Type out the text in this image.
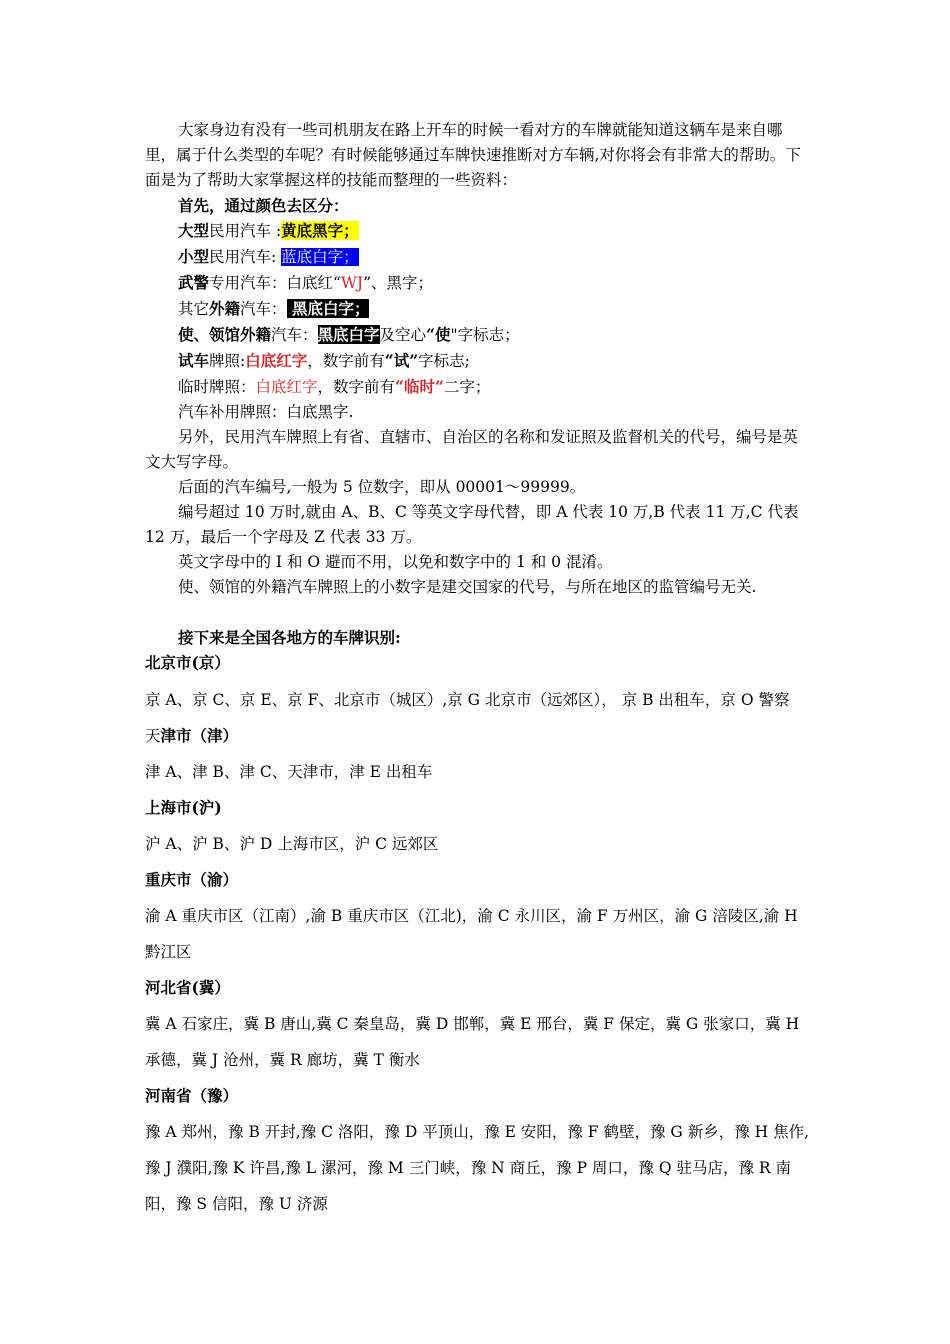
大家身边有没有一些司机朋友在路上开车的时候一看对方的车牌就能知道这辆车是来自哪里，属于什么类型的车呢？有时候能够通过车牌快速推断对方车辆,对你将会有非常大的帮助。下面是为了帮助大家掌握这样的技能而整理的一些资料：

首先，通过颜色去区分：

大型民用汽车 :黄底黑字；

小型民用汽车: 蓝底白字；

武警专用汽车：白底红“WJ”、黑字；

其它外籍汽车： 黑底白字；

使、领馆外籍汽车：黑底白字及空心“使"字标志；

试车牌照:白底红字，数字前有“试”字标志;

临时牌照：白底红字，数字前有“临时”二字；

汽车补用牌照：白底黑字.

另外，民用汽车牌照上有省、直辖市、自治区的名称和发证照及监督机关的代号，编号是英文大写字母。

后面的汽车编号,一般为 5 位数字，即从 00001～99999。

编号超过 10 万时,就由 A、B、C 等英文字母代替，即 A 代表 10 万,B 代表 11 万,C 代表 12 万，最后一个字母及 Z 代表 33 万。

英文字母中的 I 和 O 避而不用，以免和数字中的 1 和 0 混淆。

使、领馆的外籍汽车牌照上的小数字是建交国家的代号，与所在地区的监管编号无关.

接下来是全国各地方的车牌识别:

北京市(京）

京 A、京 C、京 E、京 F、北京市（城区）,京 G 北京市（远郊区）， 京 B 出租车，京 O 警察

天津市（津）

津 A、津 B、津 C、天津市，津 E 出租车

上海市(沪)

沪 A、沪 B、沪 D 上海市区，沪 C 远郊区

重庆市（渝）

渝 A 重庆市区（江南）,渝 B 重庆市区（江北)，渝 C 永川区，渝 F 万州区，渝 G 涪陵区,渝 H 黔江区

河北省(冀）

冀 A 石家庄，冀 B 唐山,冀 C 秦皇岛，冀 D 邯郸，冀 E 邢台，冀 F 保定，冀 G 张家口，冀 H 承德，冀 J 沧州，冀 R 廊坊，冀 T 衡水

河南省（豫）

豫 A 郑州，豫 B 开封,豫 C 洛阳，豫 D 平顶山，豫 E 安阳，豫 F 鹤壁，豫 G 新乡，豫 H 焦作,豫 J 濮阳,豫 K 许昌,豫 L 漯河，豫 M 三门峡，豫 N 商丘，豫 P 周口，豫 Q 驻马店，豫 R 南阳，豫 S 信阳，豫 U 济源
